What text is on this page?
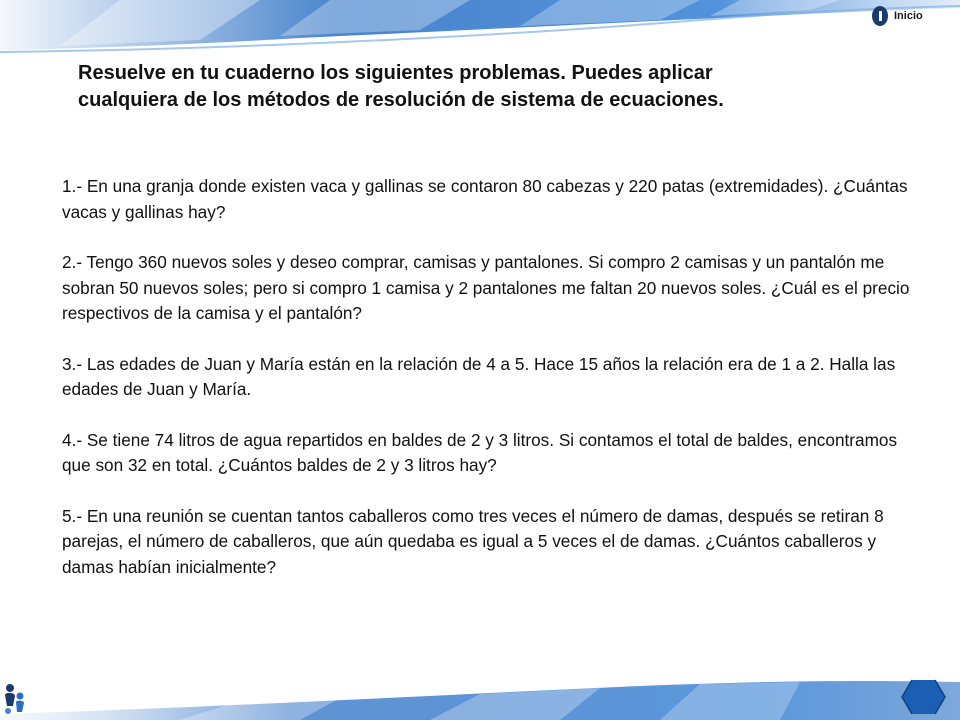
Inicio
Resuelve en tu cuaderno los siguientes problemas. Puedes aplicar
cualquiera de los métodos de resolución de sistema de ecuaciones.

1.- En una granja donde existen vaca y gallinas se contaron 80 cabezas y 220 patas (extremidades). ¿Cuántas vacas y gallinas hay?

2.- Tengo 360 nuevos soles y deseo comprar, camisas y pantalones. Si compro 2 camisas y un pantalón me sobran 50 nuevos soles; pero si compro 1 camisa y 2 pantalones me faltan 20 nuevos soles. ¿Cuál es el precio respectivos de la camisa y el pantalón?

3.- Las edades de Juan y María están en la relación de 4 a 5. Hace 15 años la relación era de 1 a 2. Halla las edades de Juan y María.

4.- Se tiene 74 litros de agua repartidos en baldes de 2 y 3 litros. Si contamos el total de baldes, encontramos que son 32 en total. ¿Cuántos baldes de 2 y 3 litros hay?

5.- En una reunión se cuentan tantos caballeros como tres veces el número de damas, después se retiran 8 parejas, el número de caballeros, que aún quedaba es igual a 5 veces el de damas. ¿Cuántos caballeros y damas habían inicialmente?
